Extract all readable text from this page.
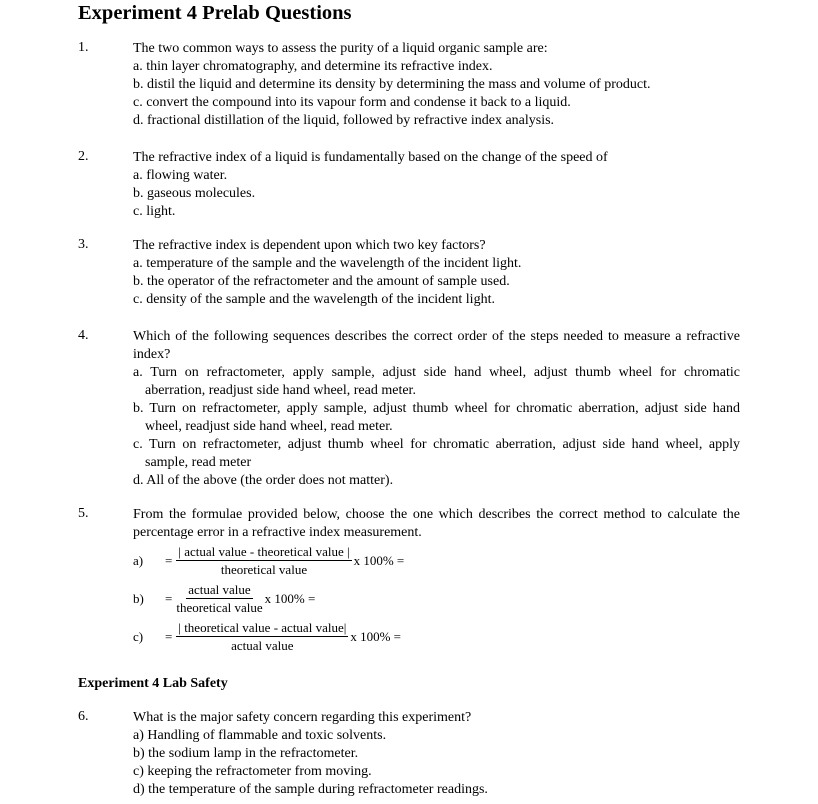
Experiment 4 Prelab Questions
1.	The two common ways to assess the purity of a liquid organic sample are:
a. thin layer chromatography, and determine its refractive index.
b. distil the liquid and determine its density by determining the mass and volume of product.
c. convert the compound into its vapour form and condense it back to a liquid.
d. fractional distillation of the liquid, followed by refractive index analysis.
2.	The refractive index of a liquid is fundamentally based on the change of the speed of
a. flowing water.
b. gaseous molecules.
c. light.
3.	The refractive index is dependent upon which two key factors?
a. temperature of the sample and the wavelength of the incident light.
b. the operator of the refractometer and the amount of sample used.
c. density of the sample and the wavelength of the incident light.
4.	Which of the following sequences describes the correct order of the steps needed to measure a refractive index?
a. Turn on refractometer, apply sample, adjust side hand wheel, adjust thumb wheel for chromatic aberration, readjust side hand wheel, read meter.
b. Turn on refractometer, apply sample, adjust thumb wheel for chromatic aberration, adjust side hand wheel, readjust side hand wheel, read meter.
c. Turn on refractometer, adjust thumb wheel for chromatic aberration, adjust side hand wheel, apply sample, read meter
d. All of the above (the order does not matter).
5.	From the formulae provided below, choose the one which describes the correct method to calculate the percentage error in a refractive index measurement.
a)	= $\frac{\text{| actual value - theoretical value |}}{\text{theoretical value}}$ x 100% =
b)	= $\frac{\text{actual value}}{\text{theoretical value}}$ x 100% =
c)	= $\frac{\text{| theoretical value - actual value|}}{\text{actual value}}$ x 100% =
Experiment 4 Lab Safety
6.	What is the major safety concern regarding this experiment?
a) Handling of flammable and toxic solvents.
b) the sodium lamp in the refractometer.
c) keeping the refractometer from moving.
d) the temperature of the sample during refractometer readings.
